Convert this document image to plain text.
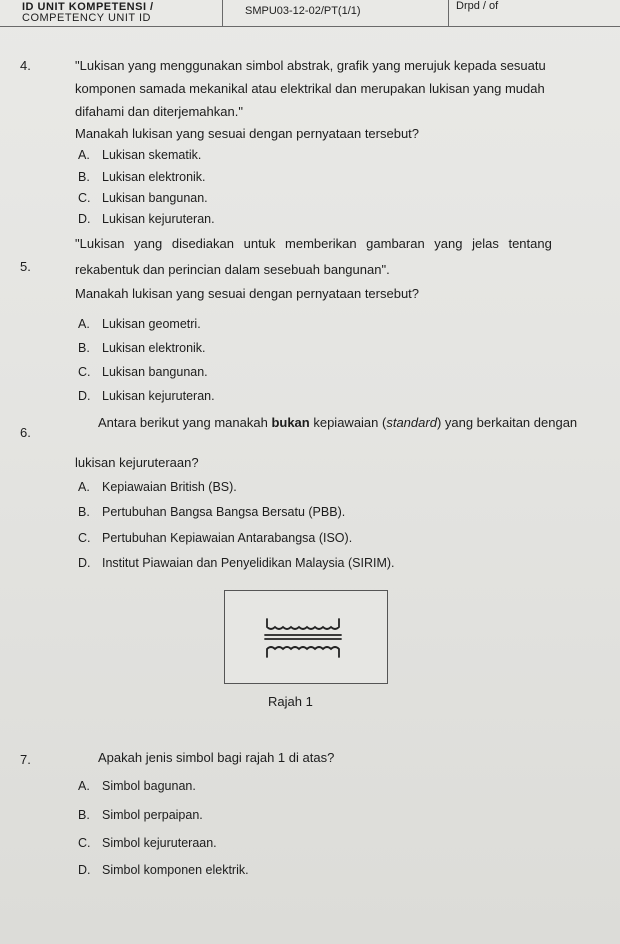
ID UNIT KOMPETENSI /
COMPETENCY UNIT ID
SMPU03-12-02/PT(1/1)	Drpd / of
4.	"Lukisan yang menggunakan simbol abstrak, grafik yang merujuk kepada sesuatu
komponen samada mekanikal atau elektrikal dan merupakan lukisan yang mudah
difahami dan diterjemahkan."
Manakah lukisan yang sesuai dengan pernyataan tersebut?
A. Lukisan skematik.
B. Lukisan elektronik.
C. Lukisan bangunan.
D. Lukisan kejuruteran.
5.
"Lukisan yang disediakan untuk memberikan gambaran yang jelas tentang
rekabentuk dan perincian dalam sesebuah bangunan".
Manakah lukisan yang sesuai dengan pernyataan tersebut?
A. Lukisan geometri.
B. Lukisan elektronik.
C. Lukisan bangunan.
D. Lukisan kejuruteran.
6.
Antara berikut yang manakah bukan kepiawaian (standard) yang berkaitan dengan
lukisan kejuruteraan?
A. Kepiawaian British (BS).
B. Pertubuhan Bangsa Bangsa Bersatu (PBB).
C. Pertubuhan Kepiawaian Antarabangsa (ISO).
D. Institut Piawaian dan Penyelidikan Malaysia (SIRIM).
Rajah 1
7.	Apakah jenis simbol bagi rajah 1 di atas?
A. Simbol bagunan.
B. Simbol perpaipan.
C. Simbol kejuruteraan.
D. Simbol komponen elektrik.
